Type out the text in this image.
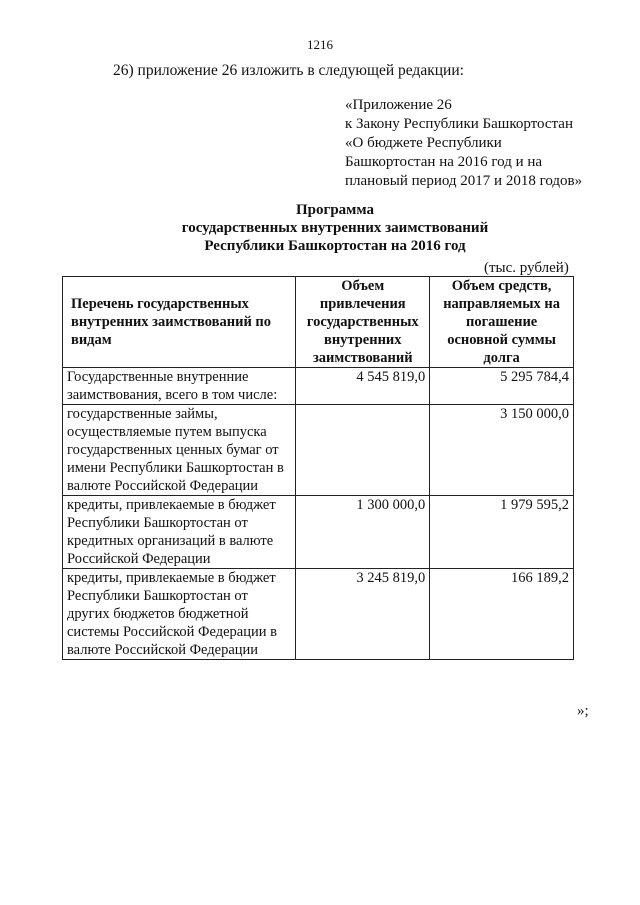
1216
26) приложение 26 изложить в следующей редакции:
«Приложение 26
к Закону Республики Башкортостан
«О бюджете Республики
Башкортостан на 2016 год и на
плановый период 2017 и 2018 годов»
Программа
государственных внутренних заимствований
Республики Башкортостан на 2016 год
(тыс. рублей)
Перечень государственных внутренних заимствований по видам	Объем привлечения государственных внутренних заимствований	Объем средств, направляемых на погашение основной суммы долга
Государственные внутренние заимствования, всего в том числе:	4 545 819,0	5 295 784,4
государственные займы, осуществляемые путем выпуска государственных ценных бумаг от имени Республики Башкортостан в валюте Российской Федерации		3 150 000,0
кредиты, привлекаемые в бюджет Республики Башкортостан от кредитных организаций в валюте Российской Федерации	1 300 000,0	1 979 595,2
кредиты, привлекаемые в бюджет Республики Башкортостан от других бюджетов бюджетной системы Российской Федерации в валюте Российской Федерации	3 245 819,0	166 189,2
»;
